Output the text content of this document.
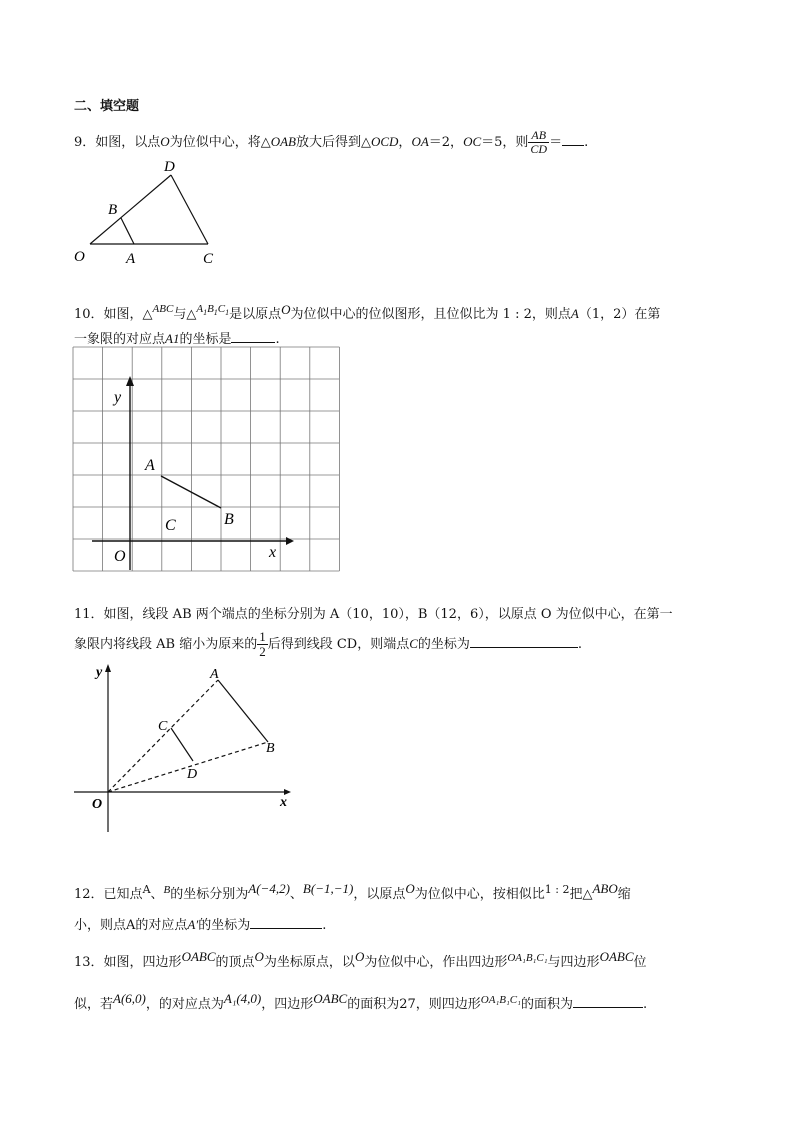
二、填空题
9．如图，以点O为位似中心，将△OAB放大后得到△OCD，OA＝2，OC＝5，则 $\frac{AB}{CD}$ ＝ .
D
B
O	A	C
10．如图，△$^{ABC}$与△$^{A_1B_1C_1}$是以原点O为位似中心的位似图形，且位似比为 1 : 2，则点A（1，2）在第
一象限的对应点A1的坐标是	.
y
A
B
C
O	x
11．如图，线段 AB 两个端点的坐标分别为 A（10，10），B（12，6），以原点 O 为位似中心，在第一
象限内将线段 AB 缩小为原来的 $\frac{1}{2}$ 后得到线段 CD，则端点C的坐标为	.
y	A
C
B
D
O	x
12．已知点$^A$、$^B$的坐标分别为A(−4,2)、B(−1,−1)，以原点O为位似中心，按相似比$^{1 : 2}$把△ABO缩
小，则点A的对应点A′的坐标为	.
13．如图，四边形OABC的顶点O为坐标原点，以O为位似中心，作出四边形$^{OA_1B_1C_1}$与四边形OABC位
似，若A(6,0)，的对应点为A₁(4,0)，四边形OABC的面积为27，则四边形$^{OA_1B_1C_1}$的面积为	.
